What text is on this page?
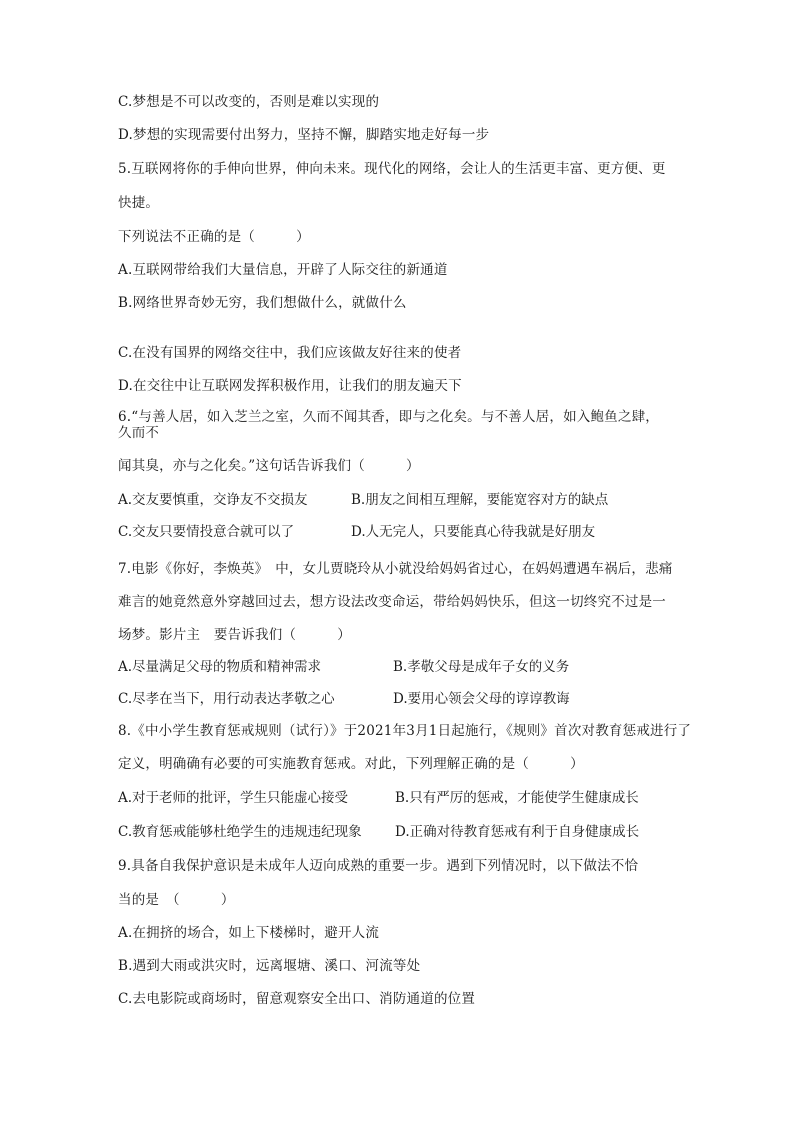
C.梦想是不可以改变的，否则是难以实现的
D.梦想的实现需要付出努力，坚持不懈，脚踏实地走好每一步
5.互联网将你的手伸向世界，伸向未来。现代化的网络，会让人的生活更丰富、更方便、更
快捷。
下列说法不正确的是（　　　）
A.互联网带给我们大量信息，开辟了人际交往的新通道
B.网络世界奇妙无穷，我们想做什么，就做什么
C.在没有国界的网络交往中，我们应该做友好往来的使者
D.在交往中让互联网发挥积极作用，让我们的朋友遍天下
6.“与善人居，如入芝兰之室，久而不闻其香，即与之化矣。与不善人居，如入鲍鱼之肆，
久而不
闻其臭，亦与之化矣。”这句话告诉我们（　　　）
A.交友要慎重，交诤友不交损友	B.朋友之间相互理解，要能宽容对方的缺点
C.交友只要情投意合就可以了	D.人无完人，只要能真心待我就是好朋友
7.电影《你好，李焕英》　中，女儿贾晓玲从小就没给妈妈省过心，在妈妈遭遇车祸后，悲痛
难言的她竟然意外穿越回过去，想方设法改变命运，带给妈妈快乐，但这一切终究不过是一
场梦。影片主　要告诉我们（　　　）
A.尽量满足父母的物质和精神需求	B.孝敬父母是成年子女的义务
C.尽孝在当下，用行动表达孝敬之心	D.要用心领会父母的谆谆教诲
8.《中小学生教育惩戒规则（试行）》于2021年3月1日起施行，《规则》首次对教育惩戒进行了
定义，明确确有必要的可实施教育惩戒。对此，下列理解正确的是（　　　）
A.对于老师的批评，学生只能虚心接受	B.只有严厉的惩戒，才能使学生健康成长
C.教育惩戒能够杜绝学生的违规违纪现象 D.正确对待教育惩戒有利于自身健康成长
9.具备自我保护意识是未成年人迈向成熟的重要一步。遇到下列情况时，以下做法不恰
当的是　（　　　）
A.在拥挤的场合，如上下楼梯时，避开人流
B.遇到大雨或洪灾时，远离堰塘、溪口、河流等处
C.去电影院或商场时，留意观察安全出口、消防通道的位置
